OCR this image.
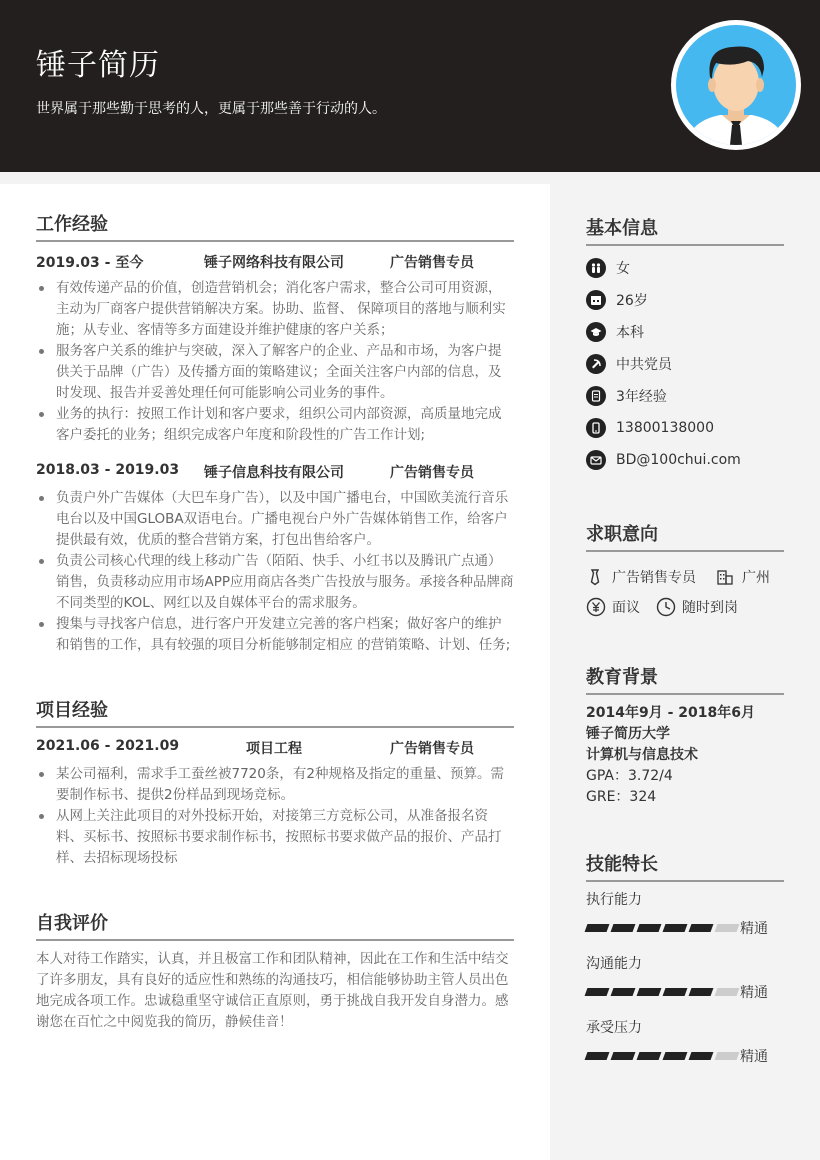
锤子简历
世界属于那些勤于思考的人，更属于那些善于行动的人。
工作经验
2019.03 - 至今	锤子网络科技有限公司	广告销售专员
有效传递产品的价值，创造营销机会；消化客户需求，整合公司可用资源，主动为厂商客户提供营销解决方案。协助、监督、 保障项目的落地与顺利实施；从专业、客情等多方面建设并维护健康的客户关系；
服务客户关系的维护与突破，深入了解客户的企业、产品和市场，为客户提供关于品牌（广告）及传播方面的策略建议；全面关注客户内部的信息，及时发现、报告并妥善处理任何可能影响公司业务的事件。
业务的执行：按照工作计划和客户要求，组织公司内部资源，高质量地完成客户委托的业务；组织完成客户年度和阶段性的广告工作计划;
2018.03 - 2019.03 锤子信息科技有限公司	广告销售专员
负责户外广告媒体（大巴车身广告），以及中国广播电台，中国欧美流行音乐电台以及中国GLOBA双语电台。广播电视台户外广告媒体销售工作，给客户提供最有效，优质的整合营销方案，打包出售给客户。
负责公司核心代理的线上移动广告（陌陌、快手、小红书以及腾讯广点通）销售，负责移动应用市场APP应用商店各类广告投放与服务。承接各种品牌商不同类型的KOL、网红以及自媒体平台的需求服务。
搜集与寻找客户信息，进行客户开发建立完善的客户档案；做好客户的维护和销售的工作，具有较强的项目分析能够制定相应 的营销策略、计划、任务;
项目经验
2021.06 - 2021.09	项目工程	广告销售专员
某公司福利，需求手工蚕丝被7720条，有2种规格及指定的重量、预算。需要制作标书、提供2份样品到现场竞标。
从网上关注此项目的对外投标开始，对接第三方竞标公司，从准备报名资料、买标书、按照标书要求制作标书，按照标书要求做产品的报价、产品打样、去招标现场投标
自我评价
本人对待工作踏实，认真，并且极富工作和团队精神，因此在工作和生活中结交了许多朋友，具有良好的适应性和熟练的沟通技巧，相信能够协助主管人员出色地完成各项工作。忠诚稳重坚守诚信正直原则，勇于挑战自我开发自身潜力。感谢您在百忙之中阅览我的简历，静候佳音！
基本信息
女
26岁
本科
中共党员
3年经验
13800138000
BD@100chui.com
求职意向
广告销售专员	广州
面议	随时到岗
教育背景
2014年9月 - 2018年6月
锤子简历大学
计算机与信息技术
GPA：3.72/4
GRE：324
技能特长
执行能力
精通
沟通能力
精通
承受压力
精通
